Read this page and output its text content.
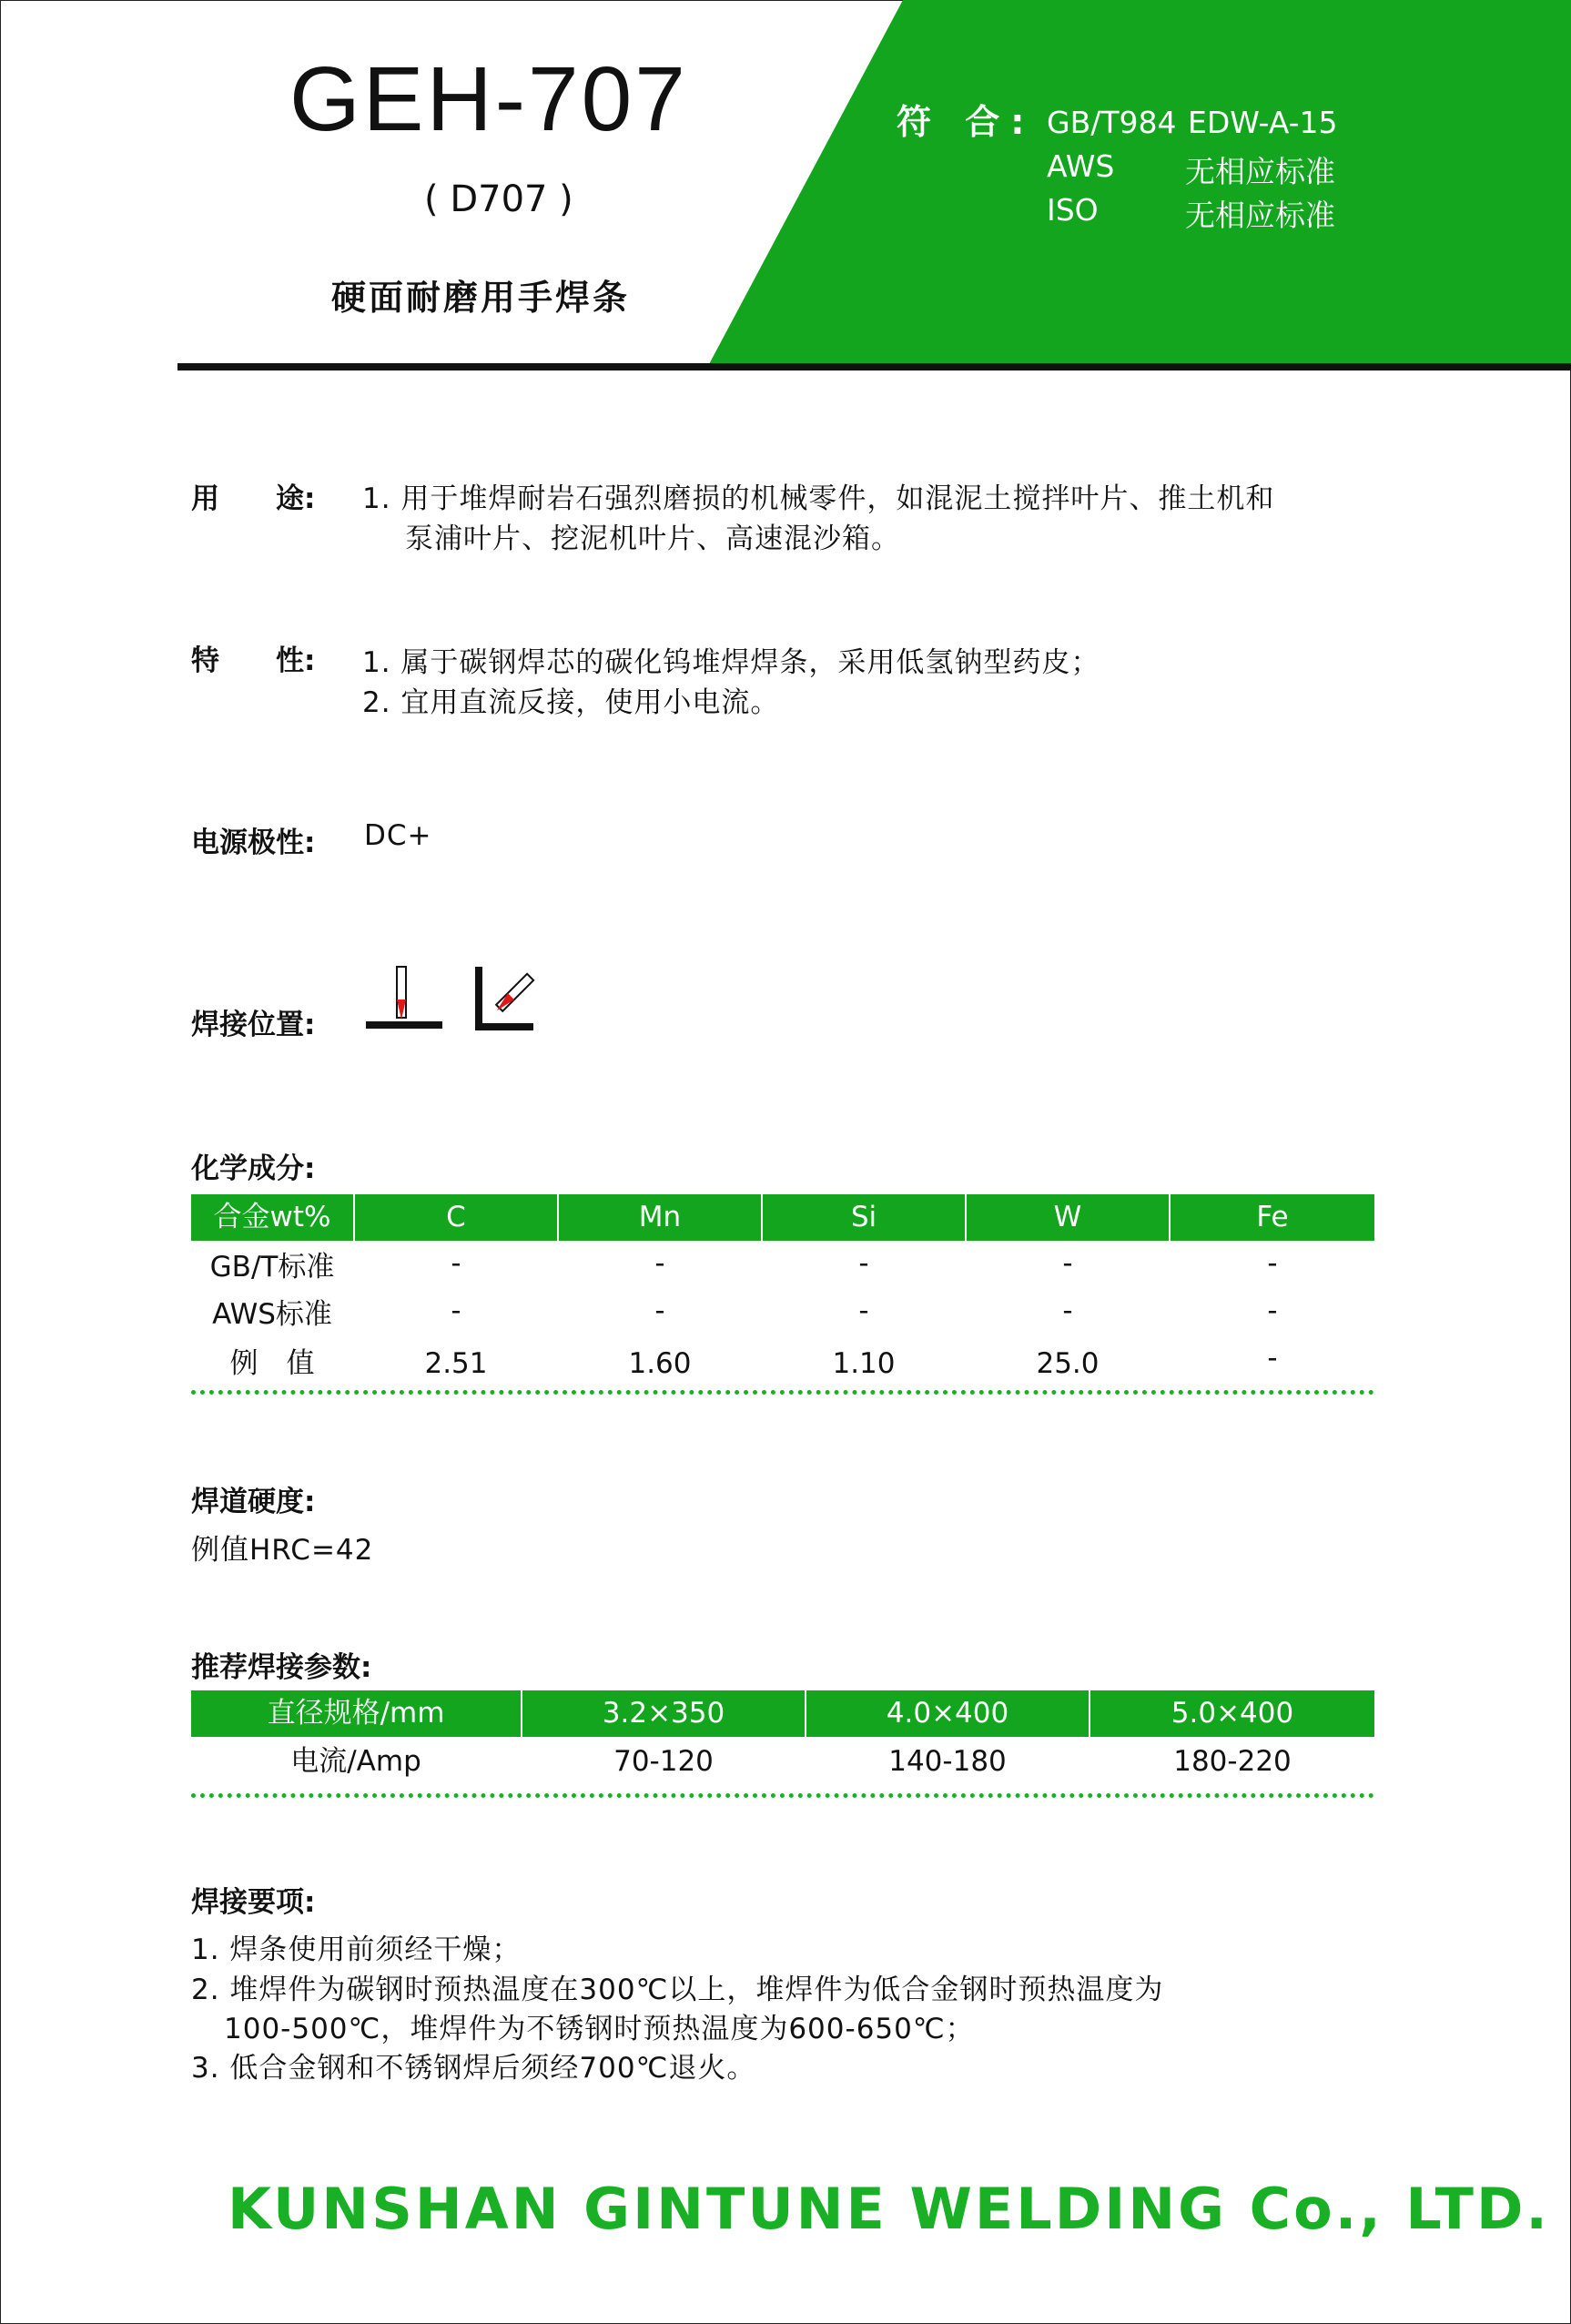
GEH-707
( D707 )
硬面耐磨用手焊条
符 合: GB/T984 EDW-A-15
AWS 无相应标准
ISO	无相应标准
用　　途: 1. 用于堆焊耐岩石强烈磨损的机械零件，如混泥土搅拌叶片、推土机和
泵浦叶片、挖泥机叶片、高速混沙箱。
特　　性: 1. 属于碳钢焊芯的碳化钨堆焊焊条，采用低氢钠型药皮；
2. 宜用直流反接，使用小电流。
电源极性: DC+
焊接位置:
化学成分:
合金wt%	C	Mn	Si	W	Fe
GB/T标准	-	-	-	-	-
AWS标准	-	-	-	-	-
例　值	2.51	1.60	1.10	25.0	-
焊道硬度:
例值HRC=42
推荐焊接参数:
直径规格/mm	3.2×350	4.0×400	5.0×400
电流/Amp	70-120	140-180	180-220
焊接要项:
1. 焊条使用前须经干燥；
2. 堆焊件为碳钢时预热温度在300℃以上，堆焊件为低合金钢时预热温度为
100-500℃，堆焊件为不锈钢时预热温度为600-650℃；
3. 低合金钢和不锈钢焊后须经700℃退火。
KUNSHAN GINTUNE WELDING Co., LTD.
